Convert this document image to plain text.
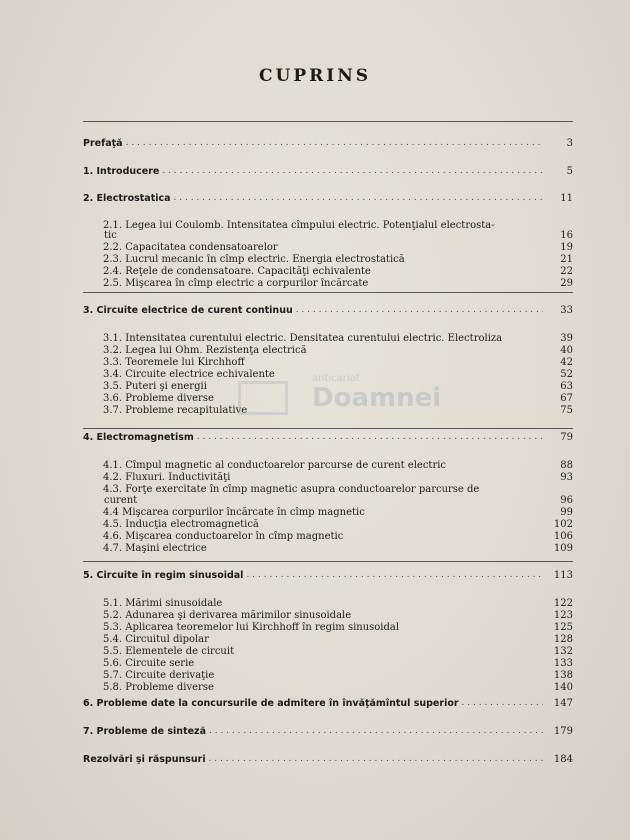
CUPRINS
Prefaţă . . .	3
1. Introducere . . .	5
2. Electrostatica . . .	11
2.1. Legea lui Coulomb. Intensitatea cîmpului electric. Potenţialul electrosta-
tic	16
2.2. Capacitatea condensatoarelor	19
2.3. Lucrul mecanic în cîmp electric. Energia electrostatică	21
2.4. Reţele de condensatoare. Capacităţi echivalente	22
2.5. Mişcarea în cîmp electric a corpurilor încărcate	29
3. Circuite electrice de curent continuu . . .	33
3.1. Intensitatea curentului electric. Densitatea curentului electric. Electroliza	39
3.2. Legea lui Ohm. Rezistenţa electrică	40
3.3. Teoremele lui Kirchhoff	42
3.4. Circuite electrice echivalente	52
3.5. Puteri şi energii	63
3.6. Probleme diverse	67
3.7. Probleme recapitulative	75
4. Electromagnetism . . .	79
4.1. Cîmpul magnetic al conductoarelor parcurse de curent electric	88
4.2. Fluxuri. Inductivităţi	93
4.3. Forţe exercitate în cîmp magnetic asupra conductoarelor parcurse de
curent	96
4.4 Mişcarea corpurilor încărcate în cîmp magnetic	99
4.5. Inducţia electromagnetică	102
4.6. Mişcarea conductoarelor în cîmp magnetic	106
4.7. Maşini electrice	109
5. Circuite în regim sinusoidal . . .	113
5.1. Mărimi sinusoidale	122
5.2. Adunarea şi derivarea mărimilor sinusoidale	123
5.3. Aplicarea teoremelor lui Kirchhoff în regim sinusoidal	125
5.4. Circuitul dipolar	128
5.5. Elementele de circuit	132
5.6. Circuite serie	133
5.7. Circuite derivaţie	138
5.8. Probleme diverse	140
6. Probleme date la concursurile de admitere în învăţămîntul superior . . .	147
7. Probleme de sinteză . . .	179
Rezolvări şi răspunsuri . . .	184
anticariat
Doamnei
